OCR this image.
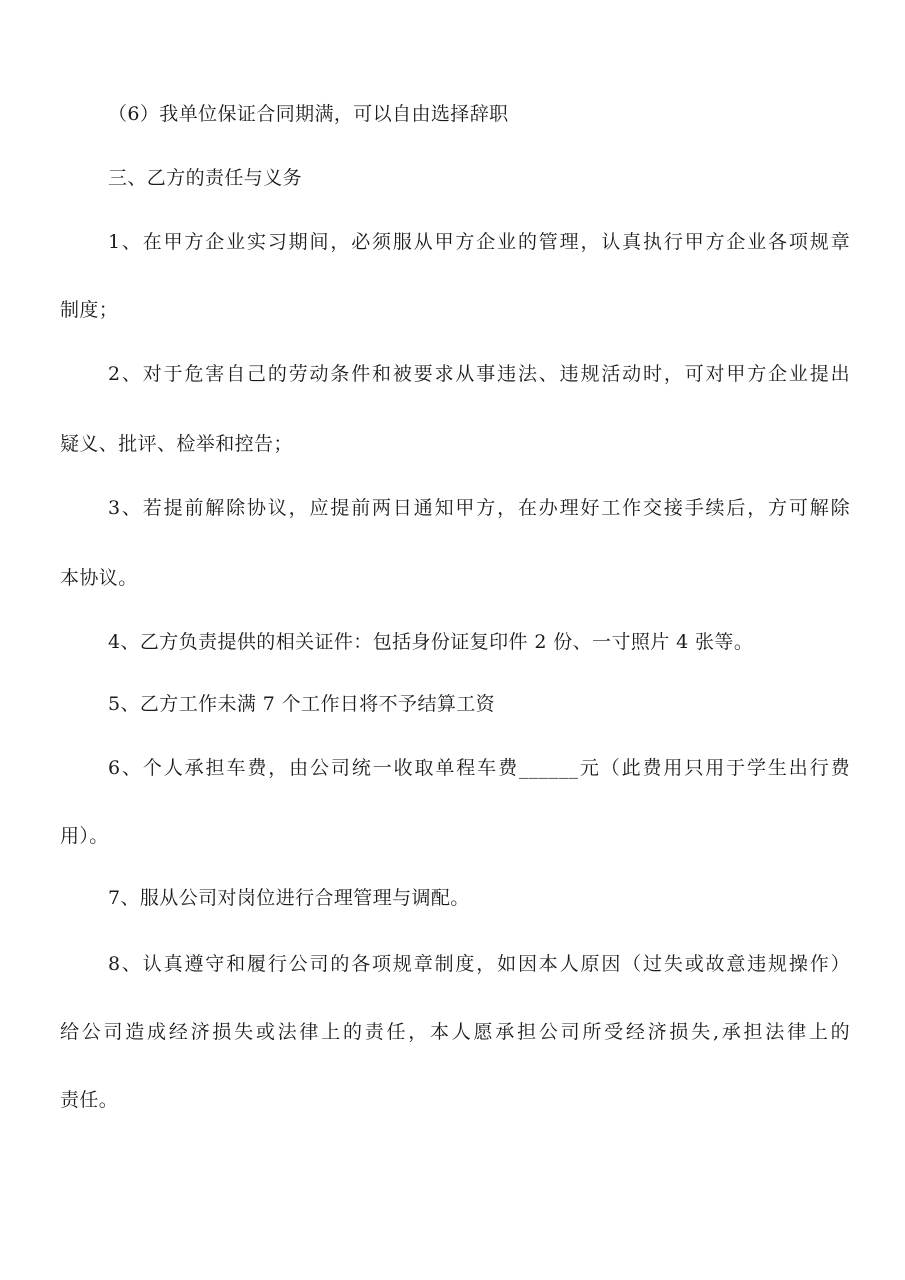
（6）我单位保证合同期满，可以自由选择辞职
三、乙方的责任与义务
1、在甲方企业实习期间，必须服从甲方企业的管理，认真执行甲方企业各项规章
制度；
2、对于危害自己的劳动条件和被要求从事违法、违规活动时，可对甲方企业提出
疑义、批评、检举和控告；
3、若提前解除协议，应提前两日通知甲方，在办理好工作交接手续后，方可解除
本协议。
4、乙方负责提供的相关证件：包括身份证复印件 2 份、一寸照片 4 张等。
5、乙方工作未满 7 个工作日将不予结算工资
6、个人承担车费，由公司统一收取单程车费______元（此费用只用于学生出行费
用）。
7、服从公司对岗位进行合理管理与调配。
8、认真遵守和履行公司的各项规章制度，如因本人原因（过失或故意违规操作）
给公司造成经济损失或法律上的责任，本人愿承担公司所受经济损失,承担法律上的
责任。
